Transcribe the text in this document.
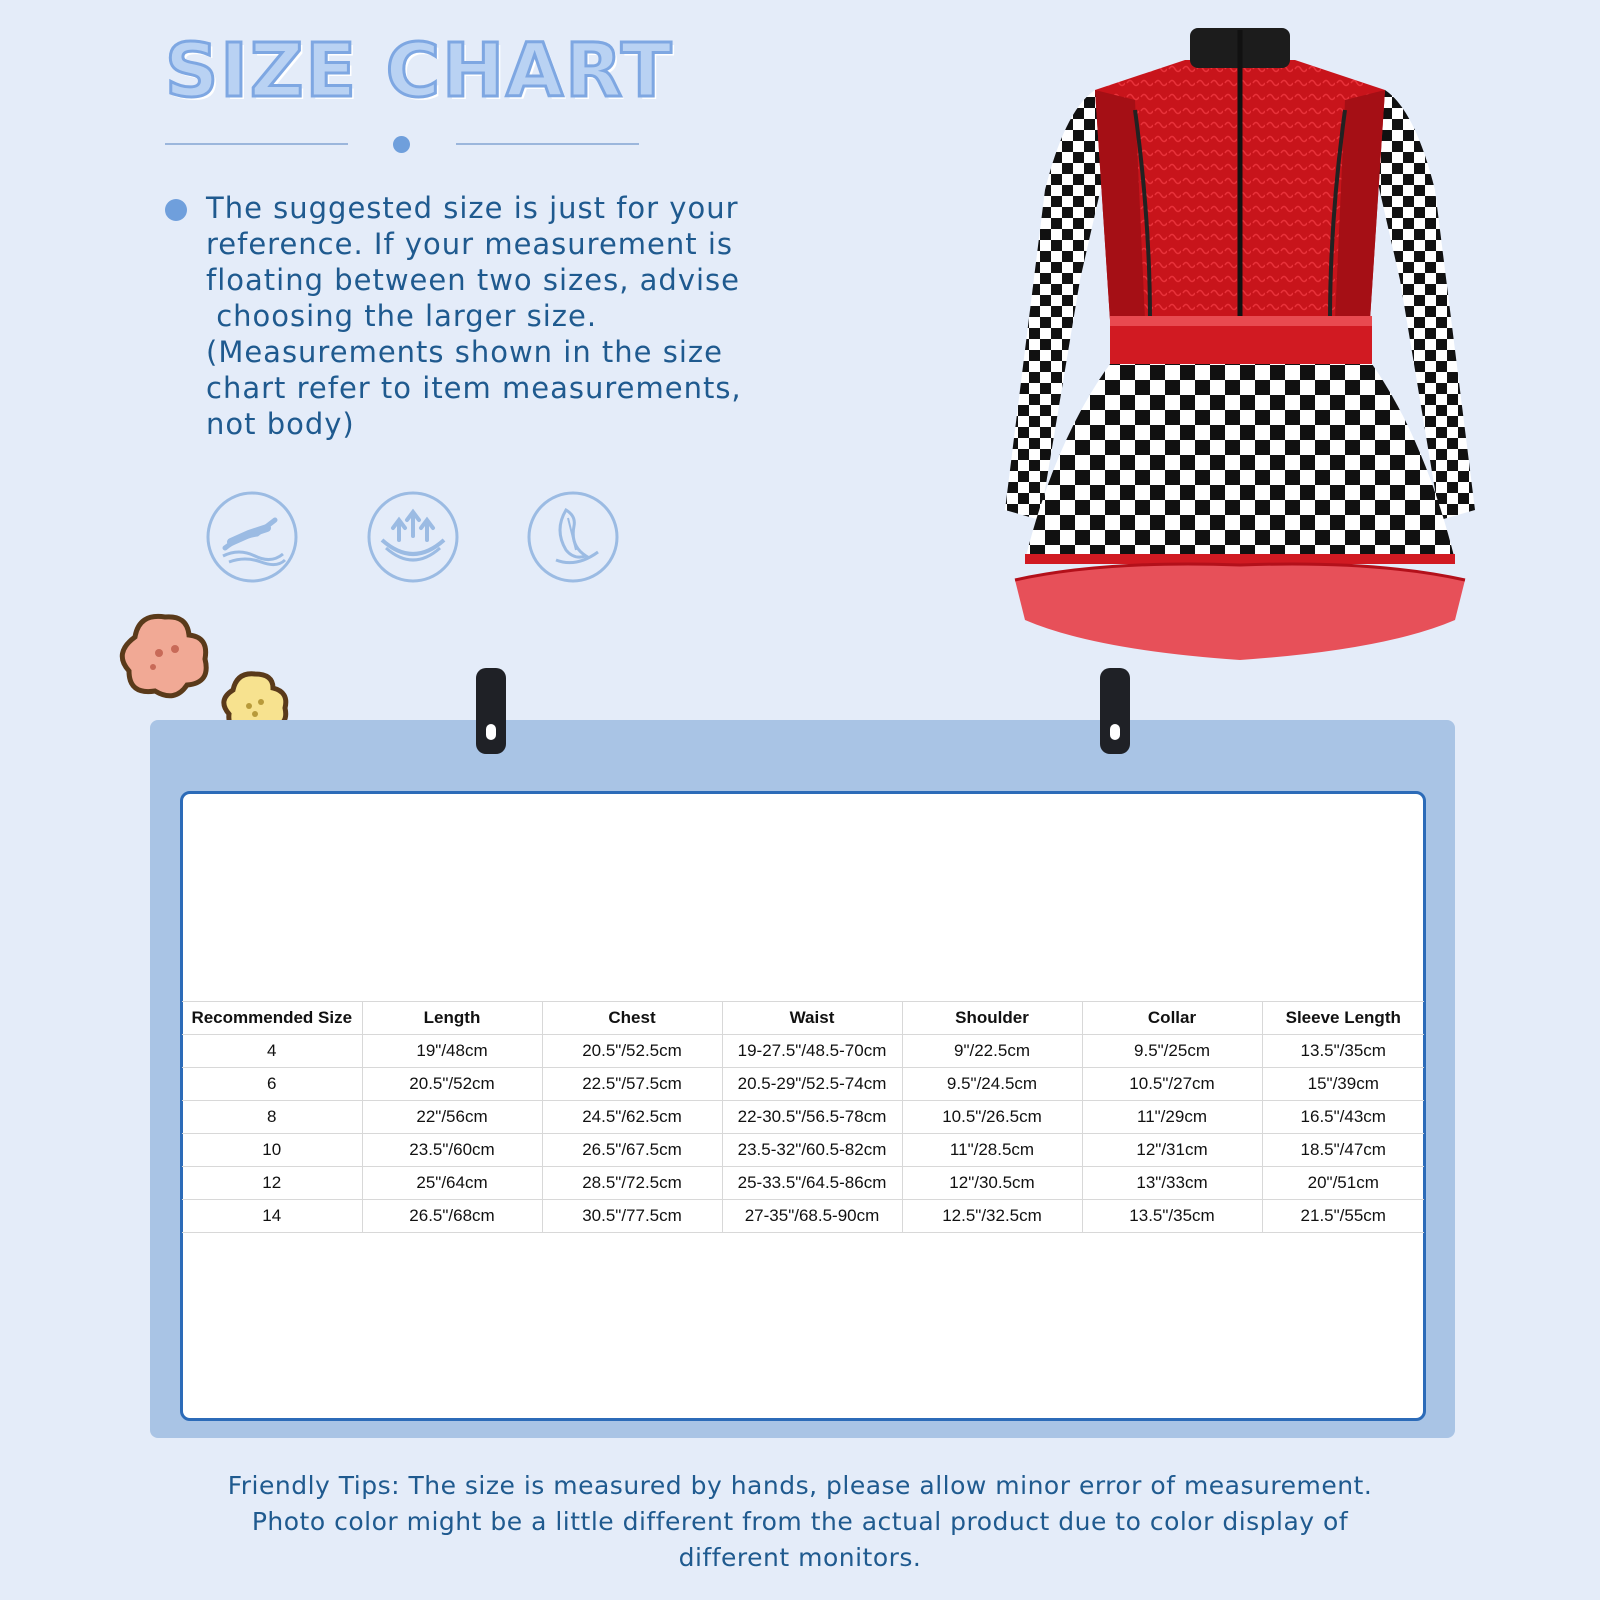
SIZE CHART
The suggested size is just for your
reference. If your measurement is
floating between two sizes, advise
choosing the larger size.
(Measurements shown in the size
chart refer to item measurements,
not body)
Recommended Size	Length	Chest	Waist	Shoulder	Collar	Sleeve Length
4	19"/48cm	20.5"/52.5cm	19-27.5"/48.5-70cm	9"/22.5cm	9.5"/25cm	13.5"/35cm
6	20.5"/52cm	22.5"/57.5cm	20.5-29"/52.5-74cm	9.5"/24.5cm	10.5"/27cm	15"/39cm
8	22"/56cm	24.5"/62.5cm	22-30.5"/56.5-78cm	10.5"/26.5cm	11"/29cm	16.5"/43cm
10	23.5"/60cm	26.5"/67.5cm	23.5-32"/60.5-82cm	11"/28.5cm	12"/31cm	18.5"/47cm
12	25"/64cm	28.5"/72.5cm	25-33.5"/64.5-86cm	12"/30.5cm	13"/33cm	20"/51cm
14	26.5"/68cm	30.5"/77.5cm	27-35"/68.5-90cm	12.5"/32.5cm	13.5"/35cm	21.5"/55cm
Friendly Tips: The size is measured by hands, please allow minor error of measurement.
Photo color might be a little different from the actual product due to color display of
different monitors.
